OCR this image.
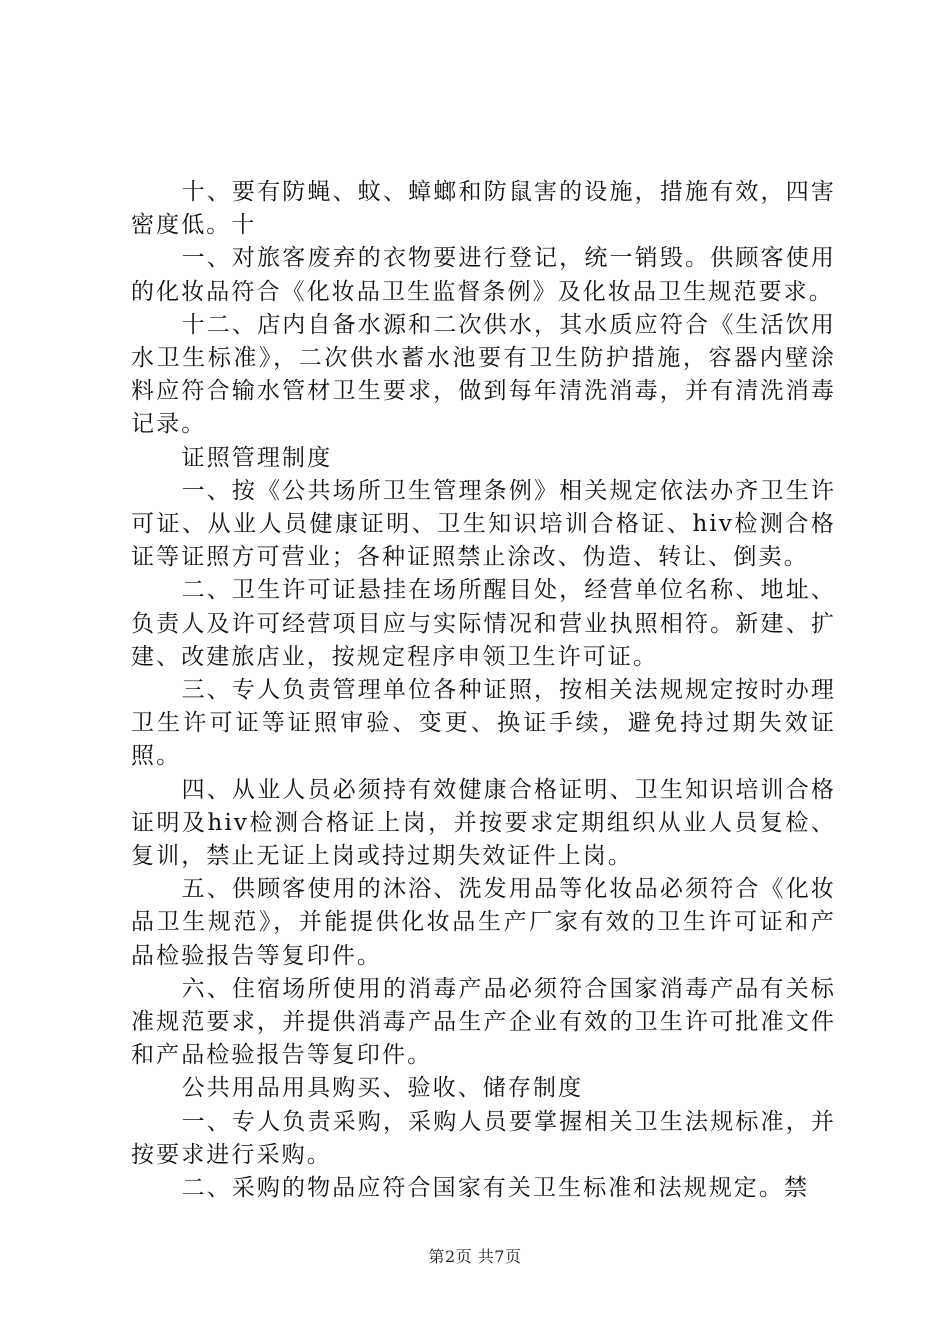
十、要有防蝇、蚊、蟑螂和防鼠害的设施，措施有效，四害密度低。十

一、对旅客废弃的衣物要进行登记，统一销毁。供顾客使用的化妆品符合《化妆品卫生监督条例》及化妆品卫生规范要求。

十二、店内自备水源和二次供水，其水质应符合《生活饮用水卫生标准》，二次供水蓄水池要有卫生防护措施，容器内壁涂料应符合输水管材卫生要求，做到每年清洗消毒，并有清洗消毒记录。

证照管理制度

一、按《公共场所卫生管理条例》相关规定依法办齐卫生许可证、从业人员健康证明、卫生知识培训合格证、hiv检测合格证等证照方可营业；各种证照禁止涂改、伪造、转让、倒卖。

二、卫生许可证悬挂在场所醒目处，经营单位名称、地址、负责人及许可经营项目应与实际情况和营业执照相符。新建、扩建、改建旅店业，按规定程序申领卫生许可证。

三、专人负责管理单位各种证照，按相关法规规定按时办理卫生许可证等证照审验、变更、换证手续，避免持过期失效证照。

四、从业人员必须持有效健康合格证明、卫生知识培训合格证明及hiv检测合格证上岗，并按要求定期组织从业人员复检、复训，禁止无证上岗或持过期失效证件上岗。

五、供顾客使用的沐浴、洗发用品等化妆品必须符合《化妆品卫生规范》，并能提供化妆品生产厂家有效的卫生许可证和产品检验报告等复印件。

六、住宿场所使用的消毒产品必须符合国家消毒产品有关标准规范要求，并提供消毒产品生产企业有效的卫生许可批准文件和产品检验报告等复印件。

公共用品用具购买、验收、储存制度

一、专人负责采购，采购人员要掌握相关卫生法规标准，并按要求进行采购。

二、采购的物品应符合国家有关卫生标准和法规规定。禁

第2页 共7页
